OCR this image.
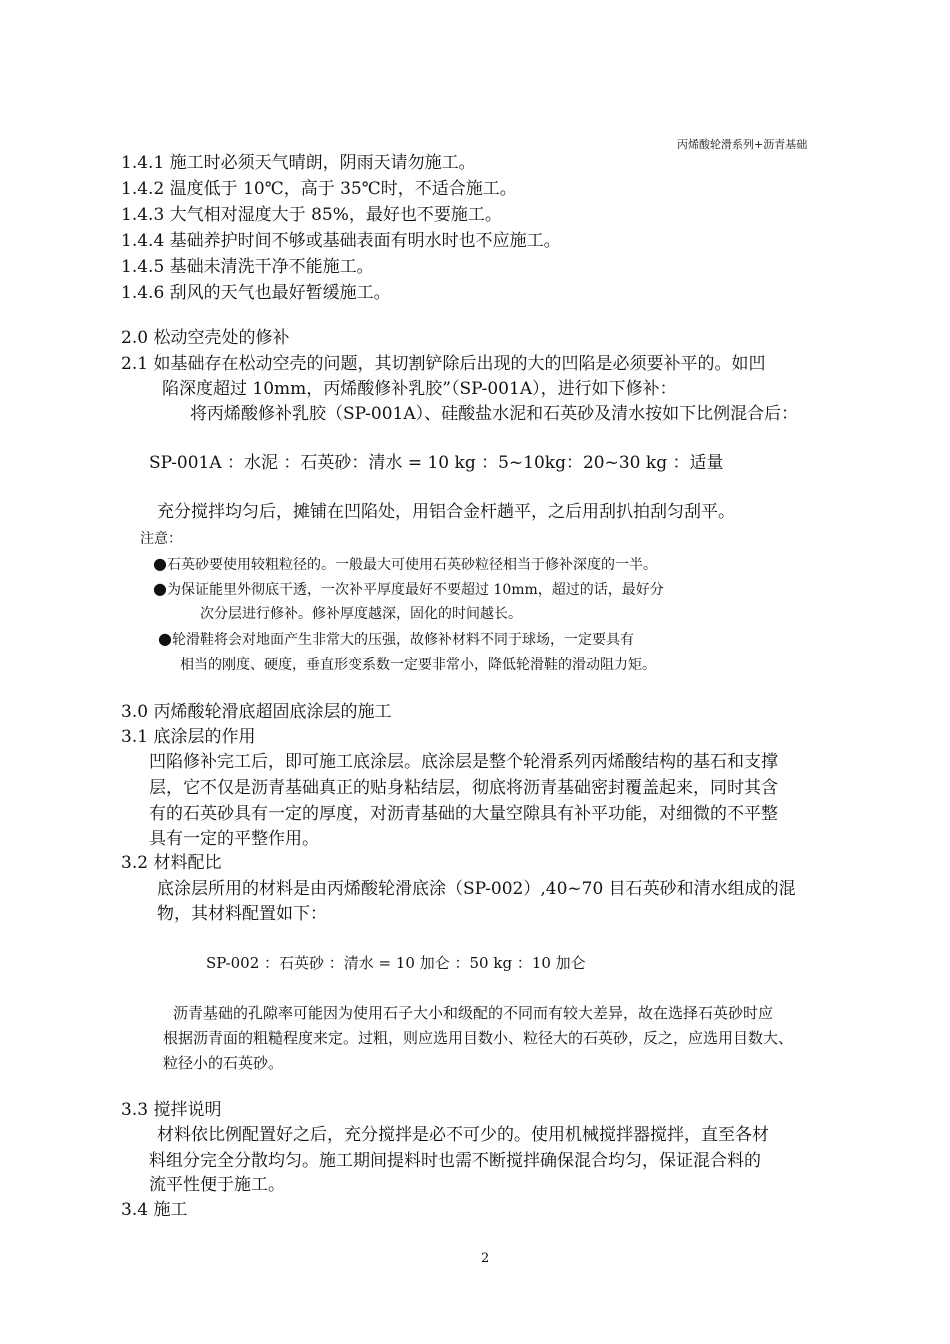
丙烯酸轮滑系列+沥青基础
1.4.1 施工时必须天气晴朗，阴雨天请勿施工。
1.4.2 温度低于 10℃，高于 35℃时，不适合施工。
1.4.3 大气相对湿度大于 85%，最好也不要施工。
1.4.4 基础养护时间不够或基础表面有明水时也不应施工。
1.4.5 基础未清洗干净不能施工。
1.4.6 刮风的天气也最好暂缓施工。
2.0 松动空壳处的修补
2.1 如基础存在松动空壳的问题，其切割铲除后出现的大的凹陷是必须要补平的。如凹
陷深度超过 10mm，丙烯酸修补乳胶”（SP-001A），进行如下修补：
将丙烯酸修补乳胶（SP-001A）、硅酸盐水泥和石英砂及清水按如下比例混合后：
SP-001A ：水泥 ：石英砂：清水 = 10 kg ：5~10kg：20~30 kg ：适量
充分搅拌均匀后，摊铺在凹陷处，用铝合金杆趟平，之后用刮扒拍刮匀刮平。
注意：
●石英砂要使用较粗粒径的。一般最大可使用石英砂粒径相当于修补深度的一半。
●为保证能里外彻底干透，一次补平厚度最好不要超过 10mm，超过的话，最好分
次分层进行修补。修补厚度越深，固化的时间越长。
●轮滑鞋将会对地面产生非常大的压强，故修补材料不同于球场，一定要具有
相当的刚度、硬度，垂直形变系数一定要非常小，降低轮滑鞋的滑动阻力矩。
3.0 丙烯酸轮滑底超固底涂层的施工
3.1 底涂层的作用
凹陷修补完工后，即可施工底涂层。底涂层是整个轮滑系列丙烯酸结构的基石和支撑
层，它不仅是沥青基础真正的贴身粘结层，彻底将沥青基础密封覆盖起来，同时其含
有的石英砂具有一定的厚度，对沥青基础的大量空隙具有补平功能，对细微的不平整
具有一定的平整作用。
3.2 材料配比
底涂层所用的材料是由丙烯酸轮滑底涂（SP-002）,40~70 目石英砂和清水组成的混
物，其材料配置如下：
SP-002 ：石英砂 ：清水 = 10 加仑 ：50 kg ：10 加仑
沥青基础的孔隙率可能因为使用石子大小和级配的不同而有较大差异，故在选择石英砂时应
根据沥青面的粗糙程度来定。过粗，则应选用目数小、粒径大的石英砂，反之，应选用目数大、
粒径小的石英砂。
3.3 搅拌说明
材料依比例配置好之后，充分搅拌是必不可少的。使用机械搅拌器搅拌，直至各材
料组分完全分散均匀。施工期间提料时也需不断搅拌确保混合均匀，保证混合料的
流平性便于施工。
3.4 施工
2
